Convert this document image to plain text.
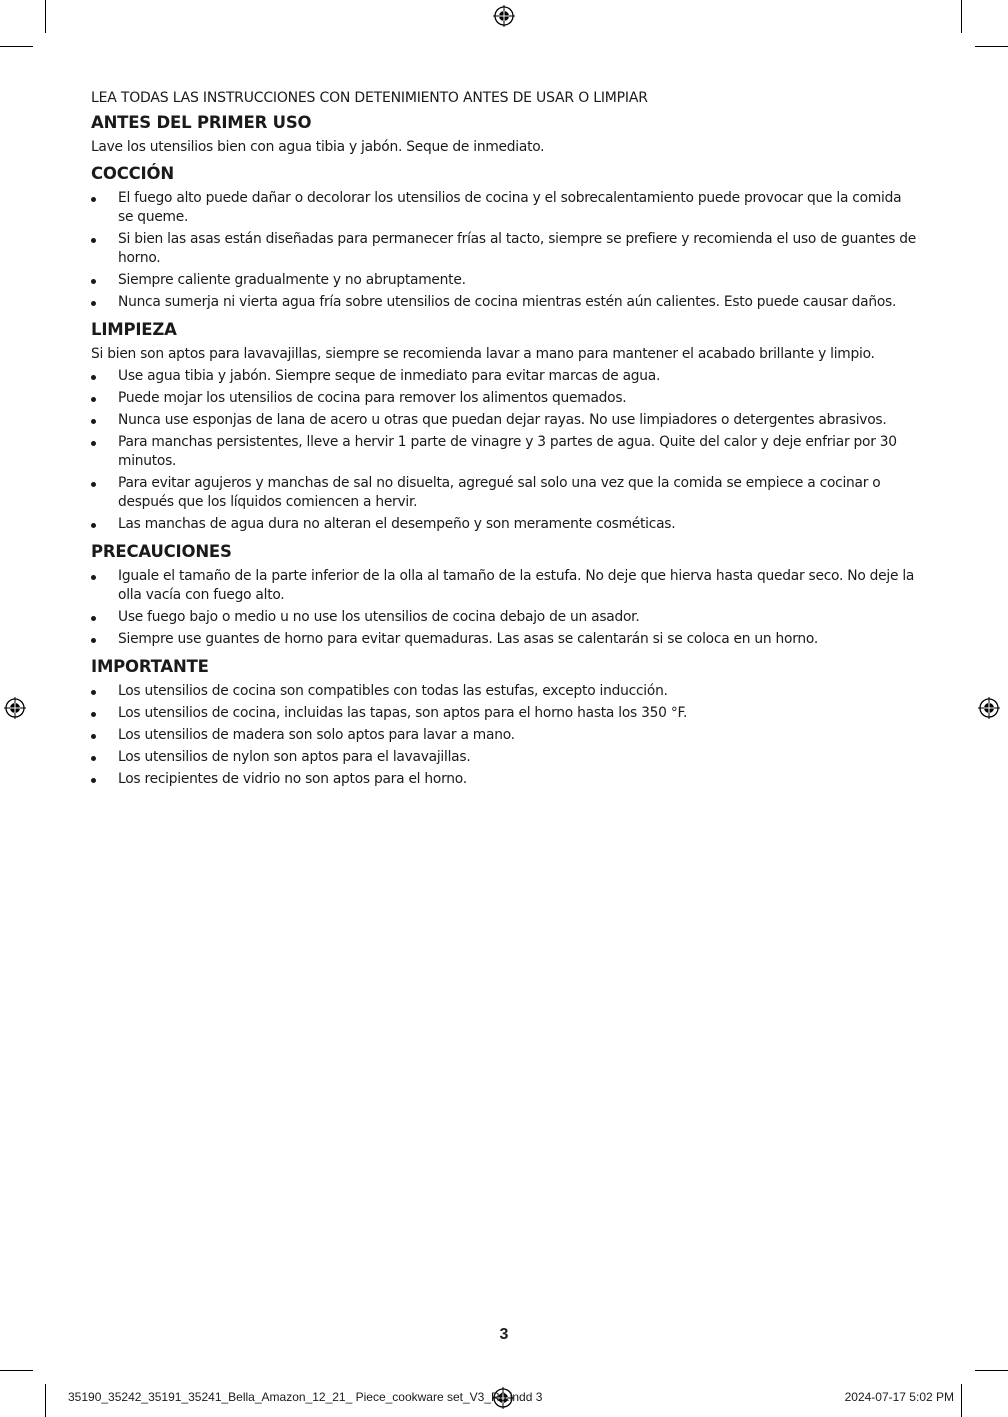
LEA TODAS LAS INSTRUCCIONES CON DETENIMIENTO ANTES DE USAR O LIMPIAR
ANTES DEL PRIMER USO

Lave los utensilios bien con agua tibia y jabón. Seque de inmediato.

COCCIÓN
El fuego alto puede dañar o decolorar los utensilios de cocina y el sobrecalentamiento puede provocar que la comida se queme.
Si bien las asas están diseñadas para permanecer frías al tacto, siempre se prefiere y recomienda el uso de guantes de horno.
Siempre caliente gradualmente y no abruptamente.
Nunca sumerja ni vierta agua fría sobre utensilios de cocina mientras estén aún calientes. Esto puede causar daños.
LIMPIEZA

Si bien son aptos para lavavajillas, siempre se recomienda lavar a mano para mantener el acabado brillante y limpio.

Use agua tibia y jabón. Siempre seque de inmediato para evitar marcas de agua.
Puede mojar los utensilios de cocina para remover los alimentos quemados.
Nunca use esponjas de lana de acero u otras que puedan dejar rayas. No use limpiadores o detergentes abrasivos.
Para manchas persistentes, lleve a hervir 1 parte de vinagre y 3 partes de agua. Quite del calor y deje enfriar por 30 minutos.
Para evitar agujeros y manchas de sal no disuelta, agregué sal solo una vez que la comida se empiece a cocinar o después que los líquidos comiencen a hervir.
Las manchas de agua dura no alteran el desempeño y son meramente cosméticas.
PRECAUCIONES
Iguale el tamaño de la parte inferior de la olla al tamaño de la estufa. No deje que hierva hasta quedar seco. No deje la olla vacía con fuego alto.
Use fuego bajo o medio u no use los utensilios de cocina debajo de un asador.
Siempre use guantes de horno para evitar quemaduras. Las asas se calentarán si se coloca en un horno.
IMPORTANTE
Los utensilios de cocina son compatibles con todas las estufas, excepto inducción.
Los utensilios de cocina, incluidas las tapas, son aptos para el horno hasta los 350 °F.
Los utensilios de madera son solo aptos para lavar a mano.
Los utensilios de nylon son aptos para el lavavajillas.
Los recipientes de vidrio no son aptos para el horno.
3
35190_35242_35191_35241_Bella_Amazon_12_21_ Piece_cookware set_V3_R0.indd 3	2024-07-17 5:02 PM
